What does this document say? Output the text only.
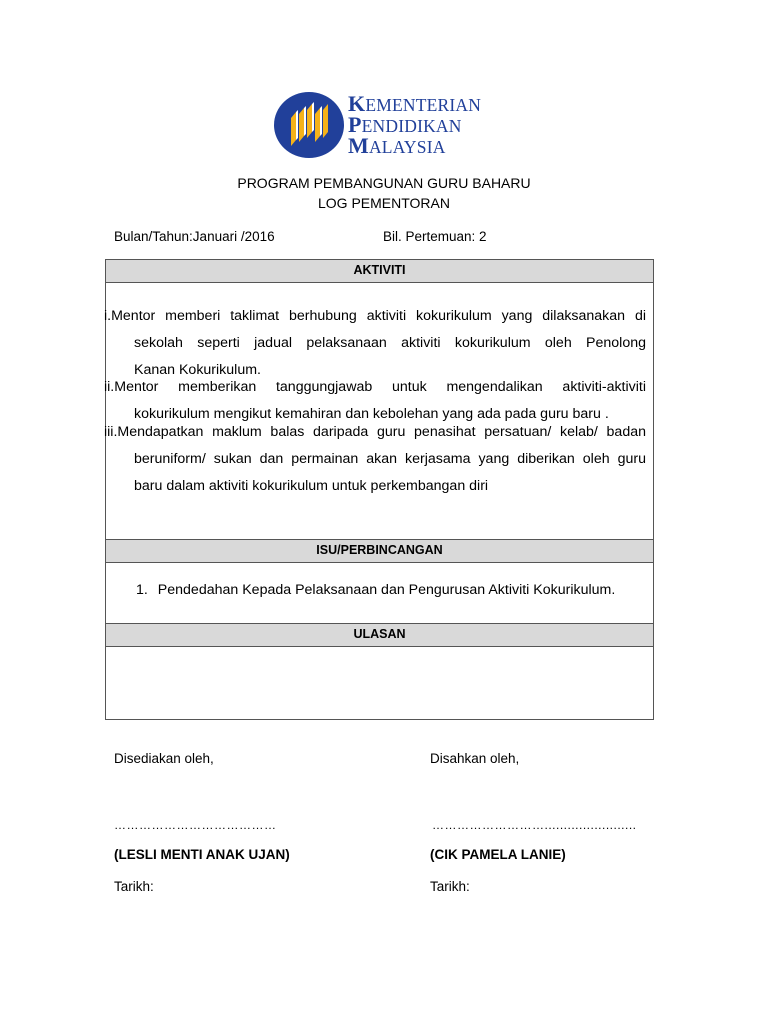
KEMENTERIAN
PENDIDIKAN
MALAYSIA
PROGRAM PEMBANGUNAN GURU BAHARU
LOG PEMENTORAN
Bulan/Tahun:Januari /2016	Bil. Pertemuan: 2
AKTIVITI
i.Mentor memberi taklimat berhubung aktiviti kokurikulum yang dilaksanakan di
sekolah seperti jadual pelaksanaan aktiviti kokurikulum oleh Penolong
Kanan Kokurikulum.
ii.Mentor memberikan tanggungjawab untuk mengendalikan aktiviti-aktiviti
kokurikulum mengikut kemahiran dan kebolehan yang ada pada guru baru .
iii.Mendapatkan maklum balas daripada guru penasihat persatuan/ kelab/ badan
beruniform/ sukan dan permainan akan kerjasama yang diberikan oleh guru
baru dalam aktiviti kokurikulum untuk perkembangan diri
ISU/PERBINCANGAN
1. Pendedahan Kepada Pelaksanaan dan Pengurusan Aktiviti Kokurikulum.
ULASAN
Disediakan oleh,	Disahkan oleh,
…………………………………	………………………........................
(LESLI MENTI ANAK UJAN)	(CIK PAMELA LANIE)
Tarikh:	Tarikh:
